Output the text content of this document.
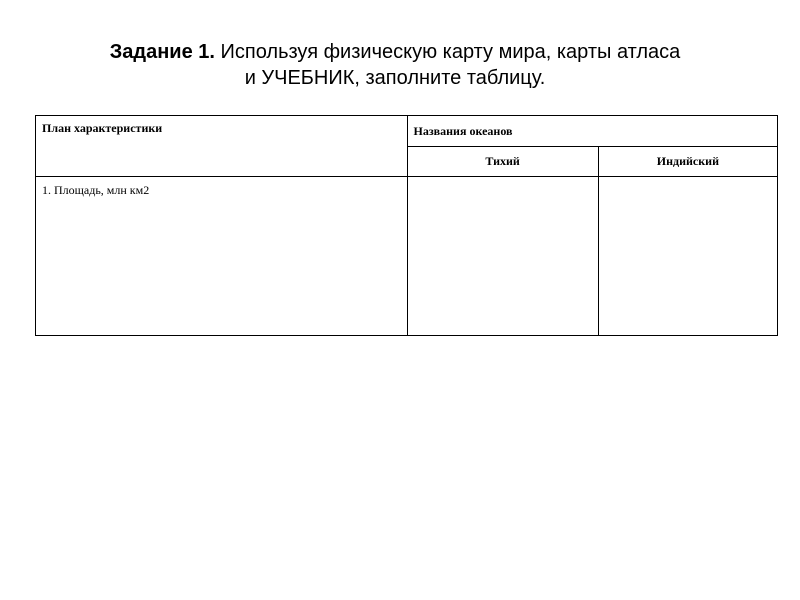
Задание 1. Используя физическую карту мира, карты атласа
и УЧЕБНИК, заполните таблицу.
План характеристики	Названия океанов	
	Тихий	Индийский
1. Площадь, млн км2		
